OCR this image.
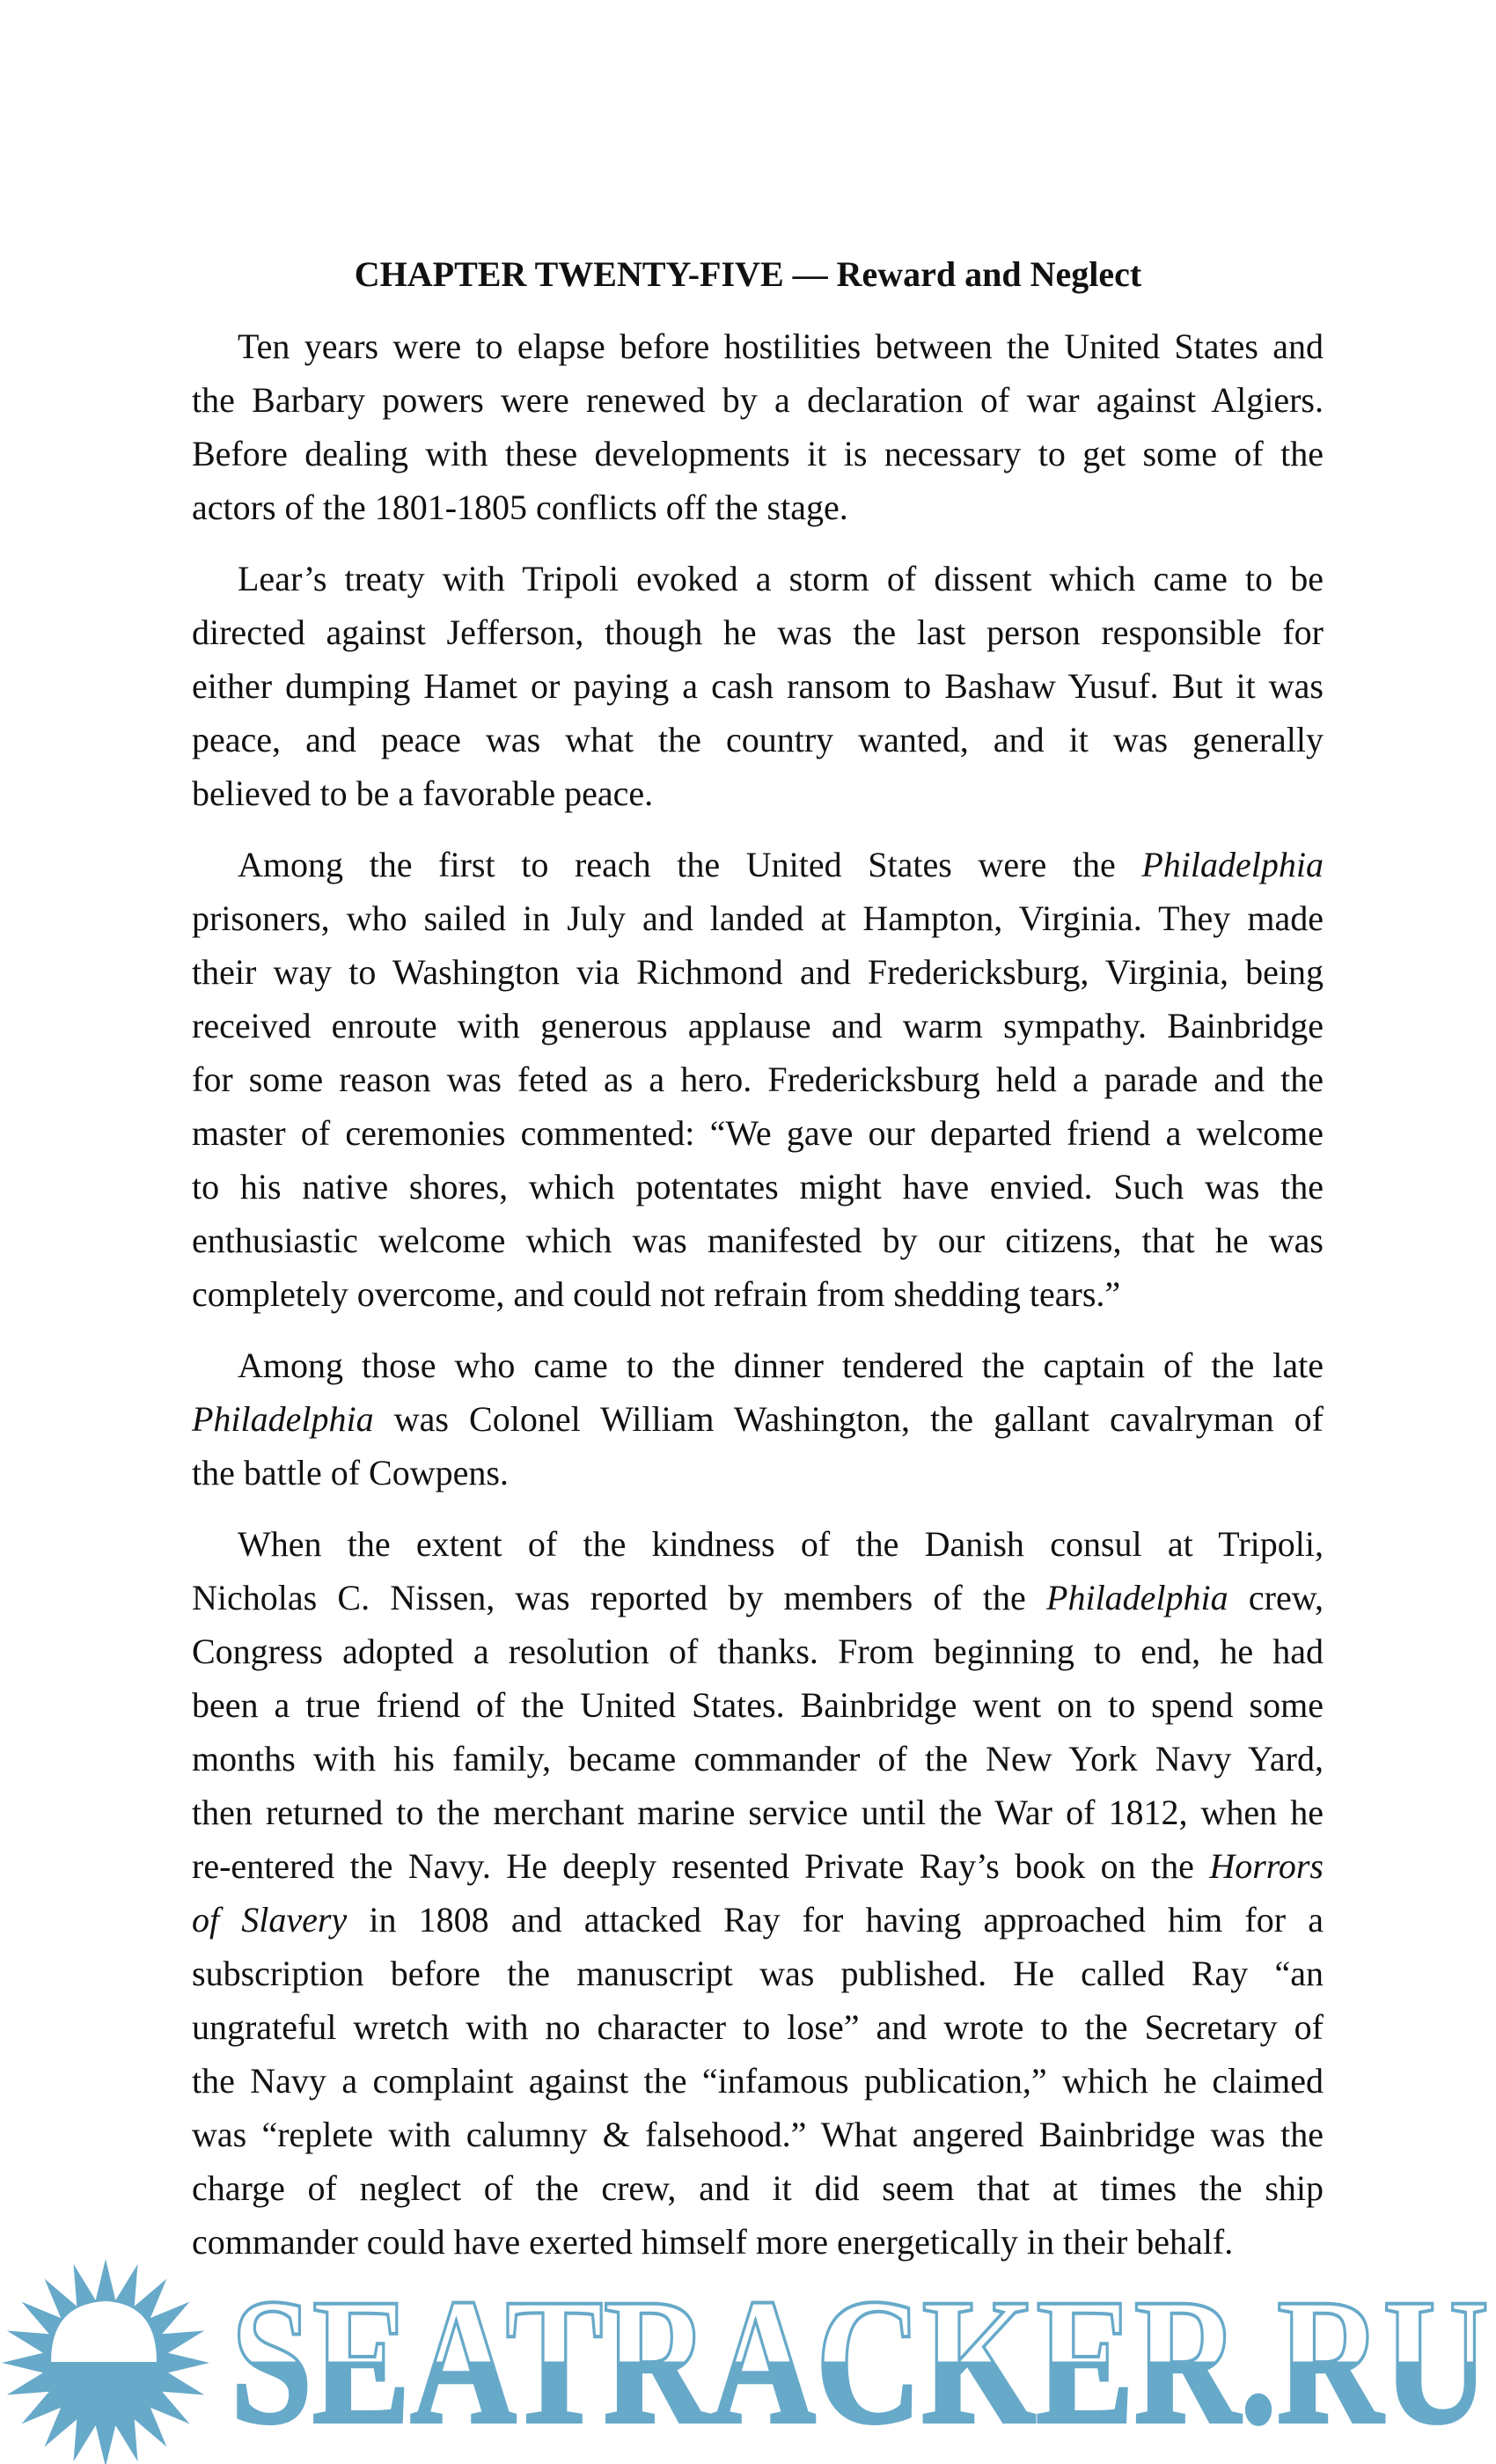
CHAPTER TWENTY-FIVE — Reward and Neglect
Ten years were to elapse before hostilities between the United States and
the Barbary powers were renewed by a declaration of war against Algiers.
Before dealing with these developments it is necessary to get some of the
actors of the 1801-1805 conflicts off the stage.
Lear’s treaty with Tripoli evoked a storm of dissent which came to be
directed against Jefferson, though he was the last person responsible for
either dumping Hamet or paying a cash ransom to Bashaw Yusuf. But it was
peace, and peace was what the country wanted, and it was generally
believed to be a favorable peace.
Among the first to reach the United States were the Philadelphia
prisoners, who sailed in July and landed at Hampton, Virginia. They made
their way to Washington via Richmond and Fredericksburg, Virginia, being
received enroute with generous applause and warm sympathy. Bainbridge
for some reason was feted as a hero. Fredericksburg held a parade and the
master of ceremonies commented: “We gave our departed friend a welcome
to his native shores, which potentates might have envied. Such was the
enthusiastic welcome which was manifested by our citizens, that he was
completely overcome, and could not refrain from shedding tears.”
Among those who came to the dinner tendered the captain of the late
Philadelphia was Colonel William Washington, the gallant cavalryman of
the battle of Cowpens.
When the extent of the kindness of the Danish consul at Tripoli,
Nicholas C. Nissen, was reported by members of the Philadelphia crew,
Congress adopted a resolution of thanks. From beginning to end, he had
been a true friend of the United States. Bainbridge went on to spend some
months with his family, became commander of the New York Navy Yard,
then returned to the merchant marine service until the War of 1812, when he
re-entered the Navy. He deeply resented Private Ray’s book on the Horrors
of Slavery in 1808 and attacked Ray for having approached him for a
subscription before the manuscript was published. He called Ray “an
ungrateful wretch with no character to lose” and wrote to the Secretary of
the Navy a complaint against the “infamous publication,” which he claimed
was “replete with calumny & falsehood.” What angered Bainbridge was the
charge of neglect of the crew, and it did seem that at times the ship
commander could have exerted himself more energetically in their behalf.
SEATRACKER.RU
